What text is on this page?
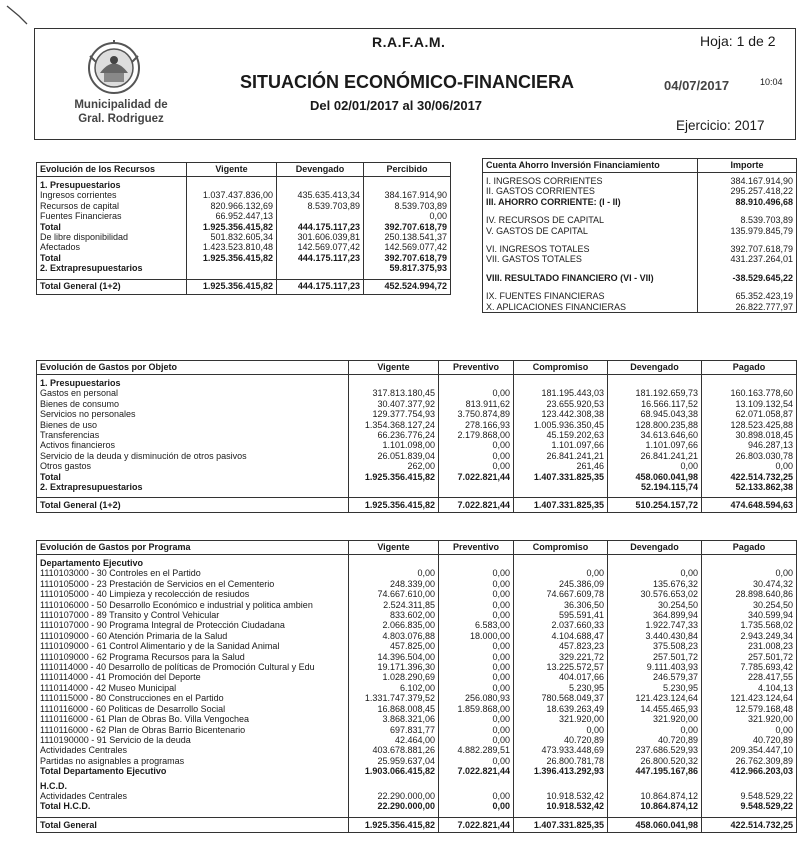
Municipalidad de
Gral. Rodriguez
R.A.F.A.M.	Hoja: 1 de 2
SITUACIÓN ECONÓMICO-FINANCIERA
Del 02/01/2017 al 30/06/2017
04/07/2017	10:04
Ejercicio: 2017
Evolución de los Recursos	Vigente	Devengado	Percibido
1. Presupuestarios			
Ingresos corrientes	1.037.437.836,00	435.635.413,34	384.167.914,90
Recursos de capital	820.966.132,69	8.539.703,89	8.539.703,89
Fuentes Financieras	66.952.447,13		0,00
Total	1.925.356.415,82	444.175.117,23	392.707.618,79
De libre disponibilidad	501.832.605,34	301.606.039,81	250.138.541,37
Afectados	1.423.523.810,48	142.569.077,42	142.569.077,42
Total	1.925.356.415,82	444.175.117,23	392.707.618,79
2. Extrapresupuestarios			59.817.375,93

Total General (1+2)	1.925.356.415,82	444.175.117,23	452.524.994,72
Cuenta Ahorro Inversión Financiamiento	Importe
I. INGRESOS CORRIENTES	384.167.914,90
II. GASTOS CORRIENTES	295.257.418,22
III. AHORRO CORRIENTE: (I - II)	88.910.496,68

IV. RECURSOS DE CAPITAL	8.539.703,89
V. GASTOS DE CAPITAL	135.979.845,79

VI. INGRESOS TOTALES	392.707.618,79
VII. GASTOS TOTALES	431.237.264,01

VIII. RESULTADO FINANCIERO (VI - VII)	-38.529.645,22

IX. FUENTES FINANCIERAS	65.352.423,19
X. APLICACIONES FINANCIERAS	26.822.777,97
Evolución de Gastos por Objeto	Vigente	Preventivo	Compromiso	Devengado	Pagado
1. Presupuestarios					
Gastos en personal	317.813.180,45	0,00	181.195.443,03	181.192.659,73	160.163.778,60
Bienes de consumo	30.407.377,92	813.911,62	23.655.920,53	16.566.117,52	13.109.132,54
Servicios no personales	129.377.754,93	3.750.874,89	123.442.308,38	68.945.043,38	62.071.058,87
Bienes de uso	1.354.368.127,24	278.166,93	1.005.936.350,45	128.800.235,88	128.523.425,88
Transferencias	66.236.776,24	2.179.868,00	45.159.202,63	34.613.646,60	30.898.018,45
Activos financieros	1.101.098,00	0,00	1.101.097,66	1.101.097,66	946.287,13
Servicio de la deuda y disminución de otros pasivos	26.051.839,04	0,00	26.841.241,21	26.841.241,21	26.803.030,78
Otros gastos	262,00	0,00	261,46	0,00	0,00
Total	1.925.356.415,82	7.022.821,44	1.407.331.825,35	458.060.041,98	422.514.732,25
2. Extrapresupuestarios				52.194.115,74	52.133.862,38

Total General (1+2)	1.925.356.415,82	7.022.821,44	1.407.331.825,35	510.254.157,72	474.648.594,63
Evolución de Gastos por Programa	Vigente	Preventivo	Compromiso	Devengado	Pagado
Departamento Ejecutivo					
1110103000 - 30 Controles en el Partido	0,00	0,00	0,00	0,00	0,00
1110105000 - 23 Prestación de Servicios en el Cementerio	248.339,00	0,00	245.386,09	135.676,32	30.474,32
1110105000 - 40 Limpieza y recolección de resiudos	74.667.610,00	0,00	74.667.609,78	30.576.653,02	28.898.640,86
1110106000 - 50 Desarrollo Económico e industrial y politica ambien	2.524.311,85	0,00	36.306,50	30.254,50	30.254,50
1110107000 - 89 Transito y Control Vehicular	833.602,00	0,00	595.591,41	364.899,94	340.599,94
1110107000 - 90 Programa Integral de Protección Ciudadana	2.066.835,00	6.583,00	2.037.660,33	1.922.747,33	1.735.568,02
1110109000 - 60 Atención Primaria de la Salud	4.803.076,88	18.000,00	4.104.688,47	3.440.430,84	2.943.249,34
1110109000 - 61 Control Alimentario y de la Sanidad Animal	457.825,00	0,00	457.823,23	375.508,23	231.008,23
1110109000 - 62 Programa Recursos para la Salud	14.396.504,00	0,00	329.221,72	257.501,72	257.501,72
1110114000 - 40 Desarrollo de políticas de Promoción Cultural y Edu	19.171.396,30	0,00	13.225.572,57	9.111.403,93	7.785.693,42
1110114000 - 41 Promoción del Deporte	1.028.290,69	0,00	404.017,66	246.579,37	228.417,55
1110114000 - 42 Museo Municipal	6.102,00	0,00	5.230,95	5.230,95	4.104,13
1110115000 - 80 Construcciones en el Partido	1.331.747.379,52	256.080,93	780.568.049,37	121.423.124,64	121.423.124,64
1110116000 - 60 Politicas de Desarrollo Social	16.868.008,45	1.859.868,00	18.639.263,49	14.455.465,93	12.579.168,48
1110116000 - 61 Plan de Obras Bo. Villa Vengochea	3.868.321,06	0,00	321.920,00	321.920,00	321.920,00
1110116000 - 62 Plan de Obras Barrio Bicentenario	697.831,77	0,00	0,00	0,00	0,00
1110190000 - 91 Servicio de la deuda	42.464,00	0,00	40.720,89	40.720,89	40.720,89
Actividades Centrales	403.678.881,26	4.882.289,51	473.933.448,69	237.686.529,93	209.354.447,10
Partidas no asignables a programas	25.959.637,04	0,00	26.800.781,78	26.800.520,32	26.762.309,89
Total Departamento Ejecutivo	1.903.066.415,82	7.022.821,44	1.396.413.292,93	447.195.167,86	412.966.203,03
H.C.D.					
Actividades Centrales	22.290.000,00	0,00	10.918.532,42	10.864.874,12	9.548.529,22
Total H.C.D.	22.290.000,00	0,00	10.918.532,42	10.864.874,12	9.548.529,22

Total General	1.925.356.415,82	7.022.821,44	1.407.331.825,35	458.060.041,98	422.514.732,25
